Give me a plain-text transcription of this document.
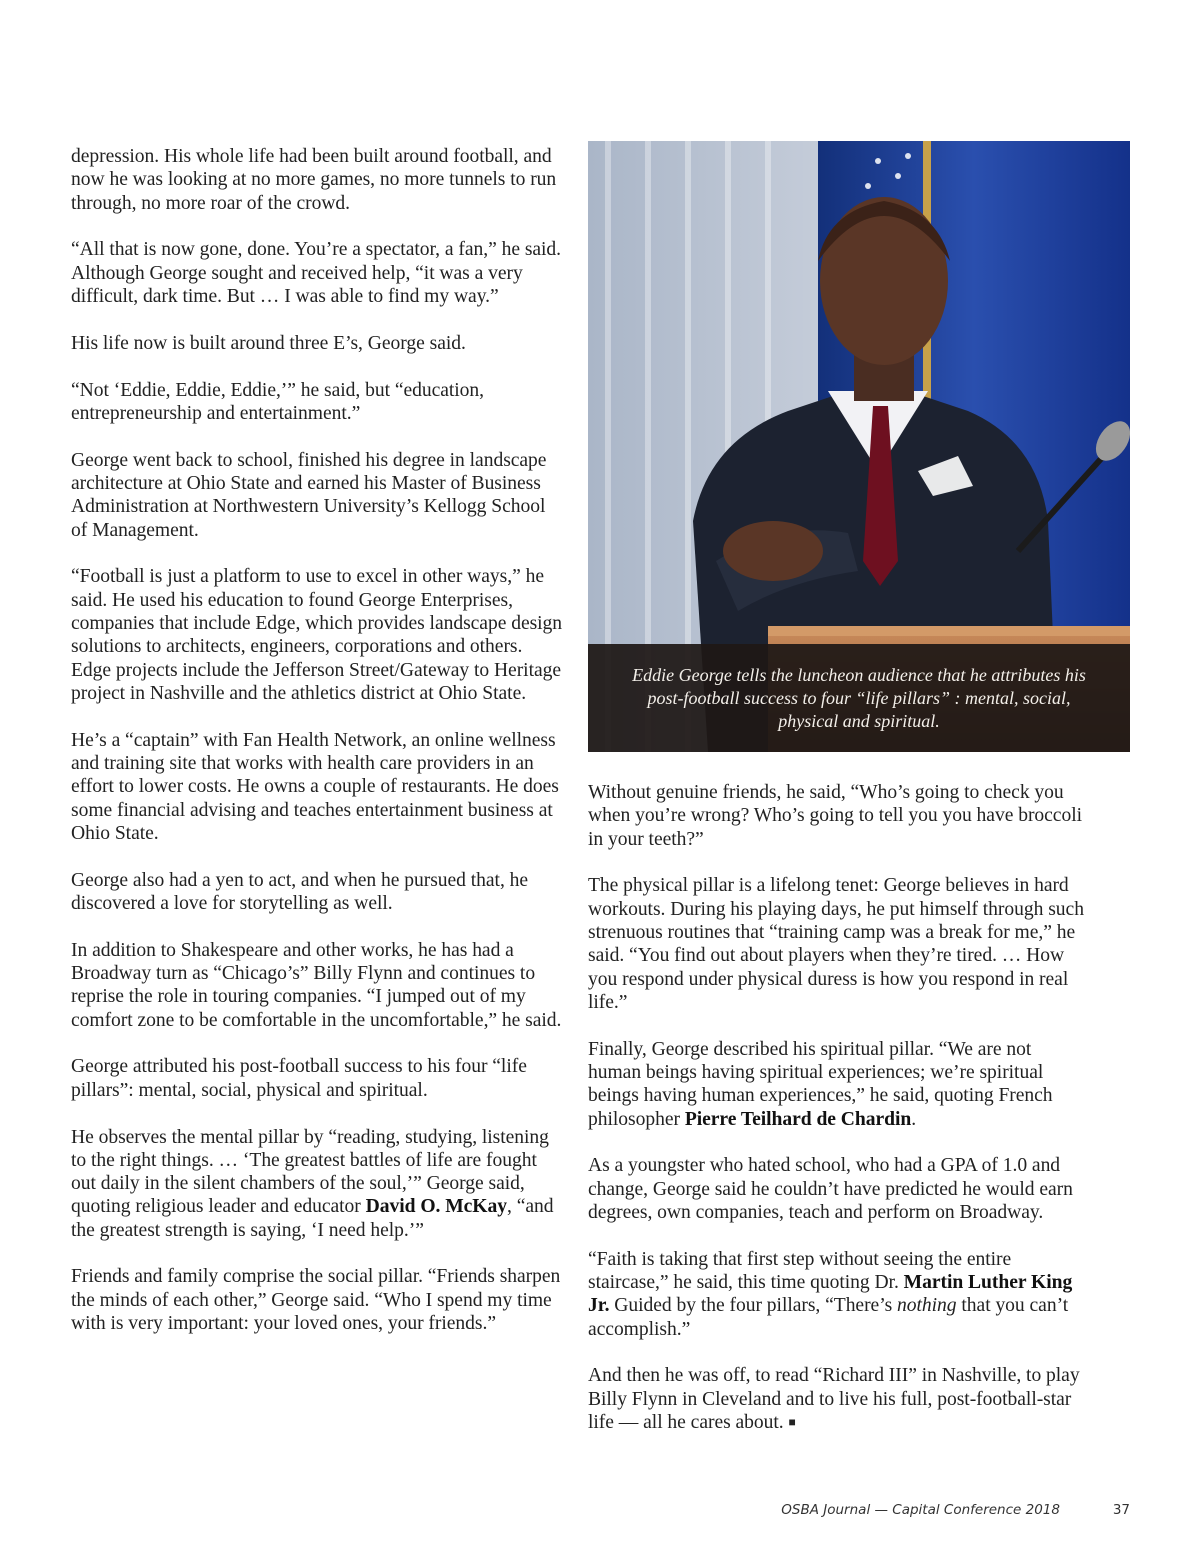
depression. His whole life had been built around football, and now he was looking at no more games, no more tunnels to run through, no more roar of the crowd.

“All that is now gone, done. You’re a spectator, a fan,” he said. Although George sought and received help, “it was a very difficult, dark time. But … I was able to find my way.”

His life now is built around three E’s, George said.

“Not ‘Eddie, Eddie, Eddie,’” he said, but “education, entrepreneurship and entertainment.”

George went back to school, finished his degree in landscape architecture at Ohio State and earned his Master of Business Administration at Northwestern University’s Kellogg School of Management.

“Football is just a platform to use to excel in other ways,” he said. He used his education to found George Enterprises, companies that include Edge, which provides landscape design solutions to architects, engineers, corporations and others. Edge projects include the Jefferson Street/Gateway to Heritage project in Nashville and the athletics district at Ohio State.

He’s a “captain” with Fan Health Network, an online wellness and training site that works with health care providers in an effort to lower costs. He owns a couple of restaurants. He does some financial advising and teaches entertainment business at Ohio State.

George also had a yen to act, and when he pursued that, he discovered a love for storytelling as well.

In addition to Shakespeare and other works, he has had a Broadway turn as “Chicago’s” Billy Flynn and continues to reprise the role in touring companies. “I jumped out of my comfort zone to be comfortable in the uncomfortable,” he said.

George attributed his post-football success to his four “life pillars”: mental, social, physical and spiritual.

He observes the mental pillar by “reading, studying, listening to the right things. … ‘The greatest battles of life are fought out daily in the silent chambers of the soul,’” George said, quoting religious leader and educator David O. McKay, “and the greatest strength is saying, ‘I need help.’”

Friends and family comprise the social pillar. “Friends sharpen the minds of each other,” George said. “Who I spend my time with is very important: your loved ones, your friends.”

Eddie George tells the luncheon audience that he attributes his post-football success to four “life pillars” : mental, social, physical and spiritual.

Without genuine friends, he said, “Who’s going to check you when you’re wrong? Who’s going to tell you you have broccoli in your teeth?”

The physical pillar is a lifelong tenet: George believes in hard workouts. During his playing days, he put himself through such strenuous routines that “training camp was a break for me,” he said. “You find out about players when they’re tired. … How you respond under physical duress is how you respond in real life.”

Finally, George described his spiritual pillar. “We are not human beings having spiritual experiences; we’re spiritual beings having human experiences,” he said, quoting French philosopher Pierre Teilhard de Chardin.

As a youngster who hated school, who had a GPA of 1.0 and change, George said he couldn’t have predicted he would earn degrees, own companies, teach and perform on Broadway.

“Faith is taking that first step without seeing the entire staircase,” he said, this time quoting Dr. Martin Luther King Jr. Guided by the four pillars, “There’s nothing that you can’t accomplish.”

And then he was off, to read “Richard III” in Nashville, to play Billy Flynn in Cleveland and to live his full, post-football-star life — all he cares about. ■

OSBA Journal — Capital Conference 2018	37
